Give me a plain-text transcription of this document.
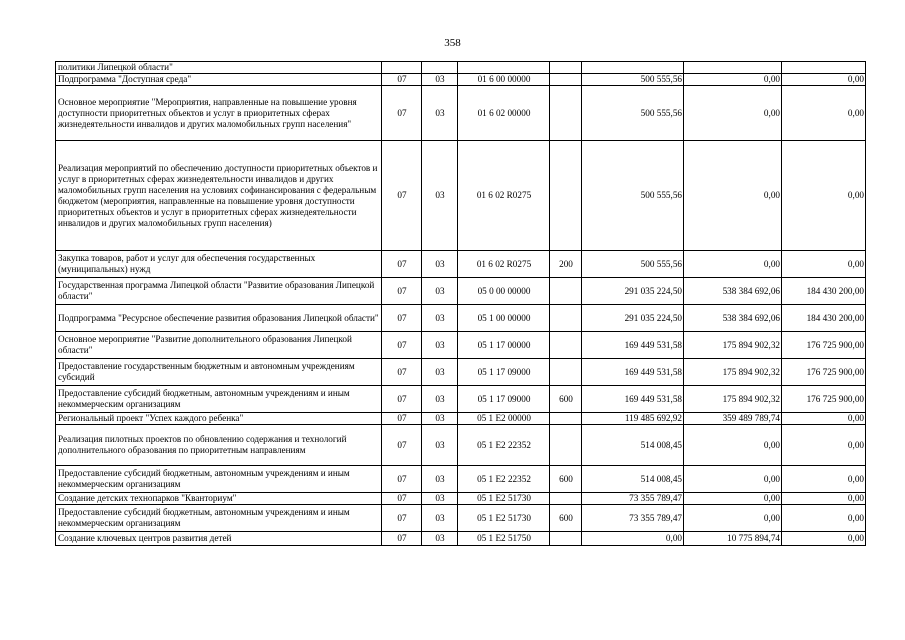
358
политики Липецкой области"							
Подпрограмма "Доступная среда"	07	03	01 6 00 00000		500 555,56	0,00	0,00
Основное мероприятие "Мероприятия, направленные на повышение уровня доступности приоритетных объектов и услуг в приоритетных сферах жизнедеятельности инвалидов и других маломобильных групп населения"	07	03	01 6 02 00000		500 555,56	0,00	0,00
Реализация мероприятий по обеспечению доступности приоритетных объектов и услуг в приоритетных сферах жизнедеятельности инвалидов и других маломобильных групп населения на условиях софинансирования с федеральным бюджетом (мероприятия, направленные на повышение уровня доступности приоритетных объектов и услуг в приоритетных сферах жизнедеятельности инвалидов и других маломобильных групп населения)	07	03	01 6 02 R0275		500 555,56	0,00	0,00
Закупка товаров, работ и услуг для обеспечения государственных (муниципальных) нужд	07	03	01 6 02 R0275	200	500 555,56	0,00	0,00
Государственная программа Липецкой области "Развитие образования Липецкой области"	07	03	05 0 00 00000		291 035 224,50	538 384 692,06	184 430 200,00
Подпрограмма "Ресурсное обеспечение развития образования Липецкой области"	07	03	05 1 00 00000		291 035 224,50	538 384 692,06	184 430 200,00
Основное мероприятие "Развитие дополнительного образования Липецкой области"	07	03	05 1 17 00000		169 449 531,58	175 894 902,32	176 725 900,00
Предоставление государственным бюджетным и автономным учреждениям субсидий	07	03	05 1 17 09000		169 449 531,58	175 894 902,32	176 725 900,00
Предоставление субсидий бюджетным, автономным учреждениям и иным некоммерческим организациям	07	03	05 1 17 09000	600	169 449 531,58	175 894 902,32	176 725 900,00
Региональный проект "Успех каждого ребенка"	07	03	05 1 E2 00000		119 485 692,92	359 489 789,74	0,00
Реализация пилотных проектов по обновлению содержания и технологий дополнительного образования по приоритетным направлениям	07	03	05 1 E2 22352		514 008,45	0,00	0,00
Предоставление субсидий бюджетным, автономным учреждениям и иным некоммерческим организациям	07	03	05 1 E2 22352	600	514 008,45	0,00	0,00
Создание детских технопарков "Кванториум"	07	03	05 1 E2 51730		73 355 789,47	0,00	0,00
Предоставление субсидий бюджетным, автономным учреждениям и иным некоммерческим организациям	07	03	05 1 E2 51730	600	73 355 789,47	0,00	0,00
Создание ключевых центров развития детей	07	03	05 1 E2 51750		0,00	10 775 894,74	0,00
